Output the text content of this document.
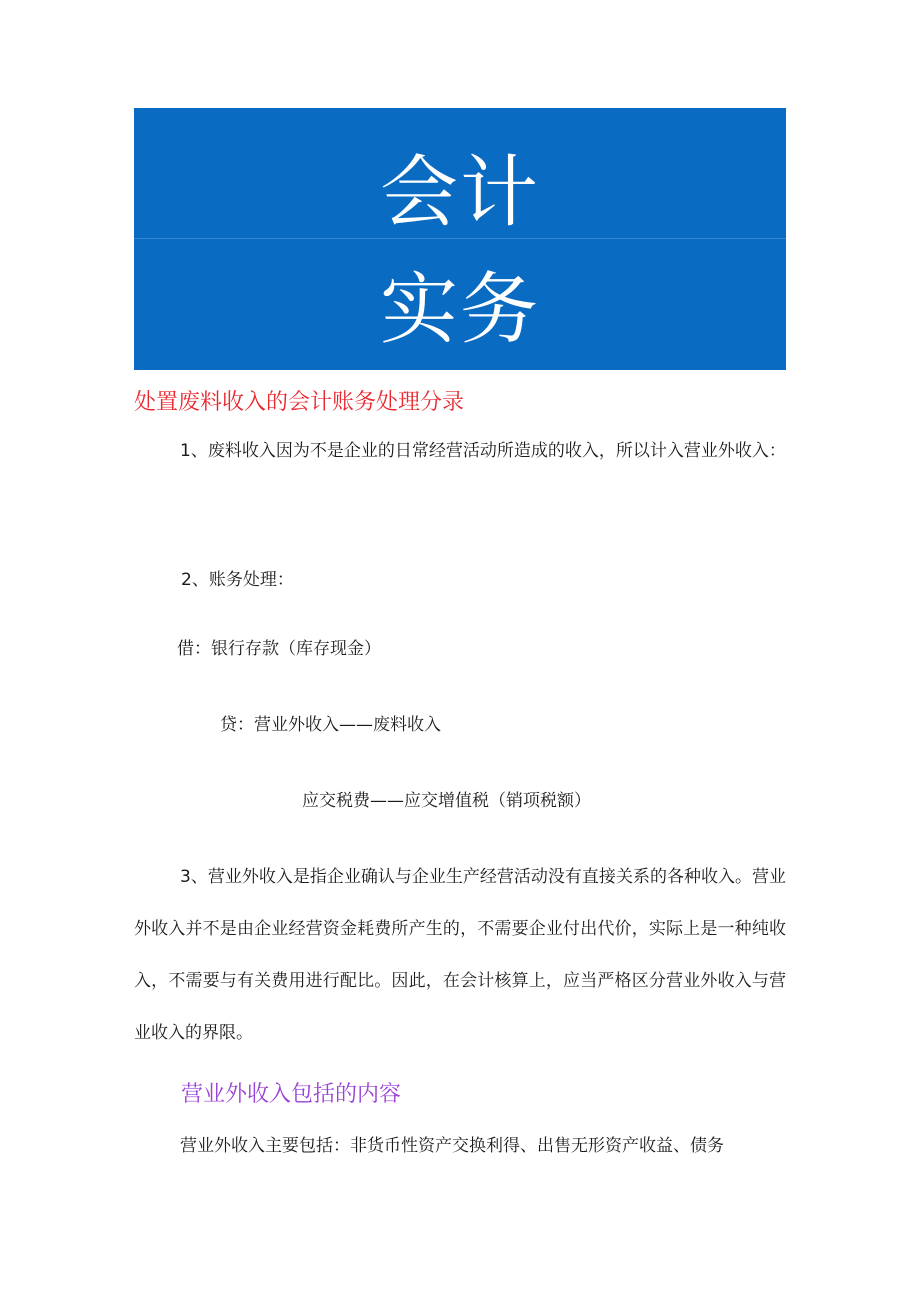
会计
实务
处置废料收入的会计账务处理分录
1、废料收入因为不是企业的日常经营活动所造成的收入，所以计入营业外收入：
2、账务处理：
借：银行存款（库存现金）
贷：营业外收入——废料收入
应交税费——应交增值税（销项税额）
3、营业外收入是指企业确认与企业生产经营活动没有直接关系的各种收入。营业外收入并不是由企业经营资金耗费所产生的，不需要企业付出代价，实际上是一种纯收入，不需要与有关费用进行配比。因此，在会计核算上，应当严格区分营业外收入与营业收入的界限。
营业外收入包括的内容
营业外收入主要包括：非货币性资产交换利得、出售无形资产收益、债务
